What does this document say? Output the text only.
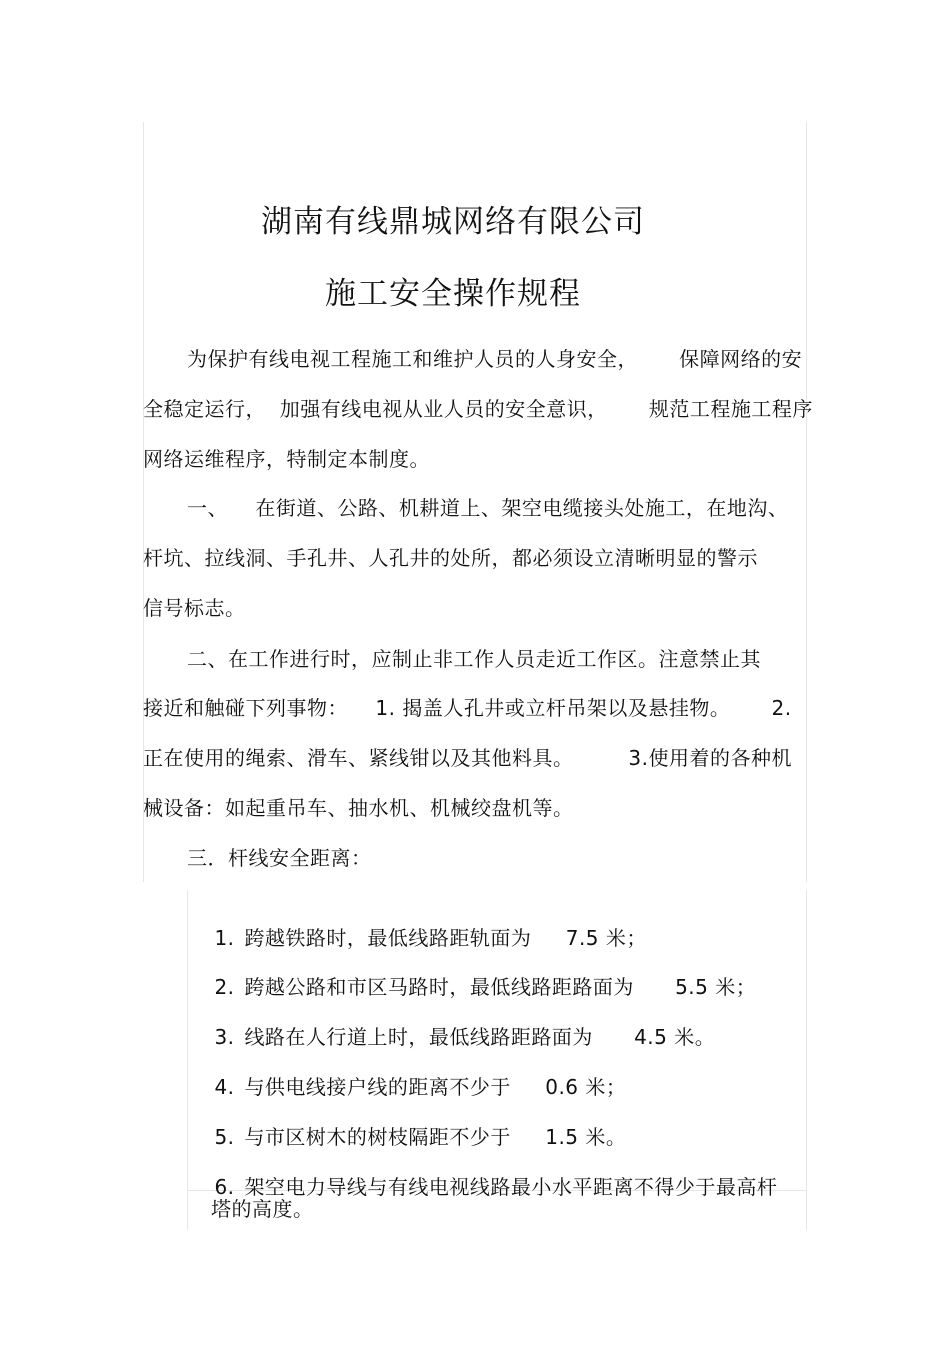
湖南有线鼎城网络有限公司
施工安全操作规程
为保护有线电视工程施工和维护人员的人身安全，      保障网络的安
全稳定运行，  加强有线电视从业人员的安全意识，      规范工程施工程序
网络运维程序，特制定本制度。
一、    在街道、公路、机耕道上、架空电缆接头处施工，在地沟、
杆坑、拉线洞、手孔井、人孔井的处所，都必须设立清晰明显的警示
信号标志。
二、在工作进行时，应制止非工作人员走近工作区。注意禁止其
接近和触碰下列事物：    1. 揭盖人孔井或立杆吊架以及悬挂物。      2.
正在使用的绳索、滑车、紧线钳以及其他料具。        3.使用着的各种机
械设备：如起重吊车、抽水机、机械绞盘机等。
三．杆线安全距离：

1. 跨越铁路时，最低线路距轨面为     7.5 米；

2. 跨越公路和市区马路时，最低线路距路面为      5.5 米；

3. 线路在人行道上时，最低线路距路面为      4.5 米。

4. 与供电线接户线的距离不少于     0.6 米；

5. 与市区树木的树枝隔距不少于     1.5 米。

6. 架空电力导线与有线电视线路最小水平距离不得少于最高杆

塔的高度。
